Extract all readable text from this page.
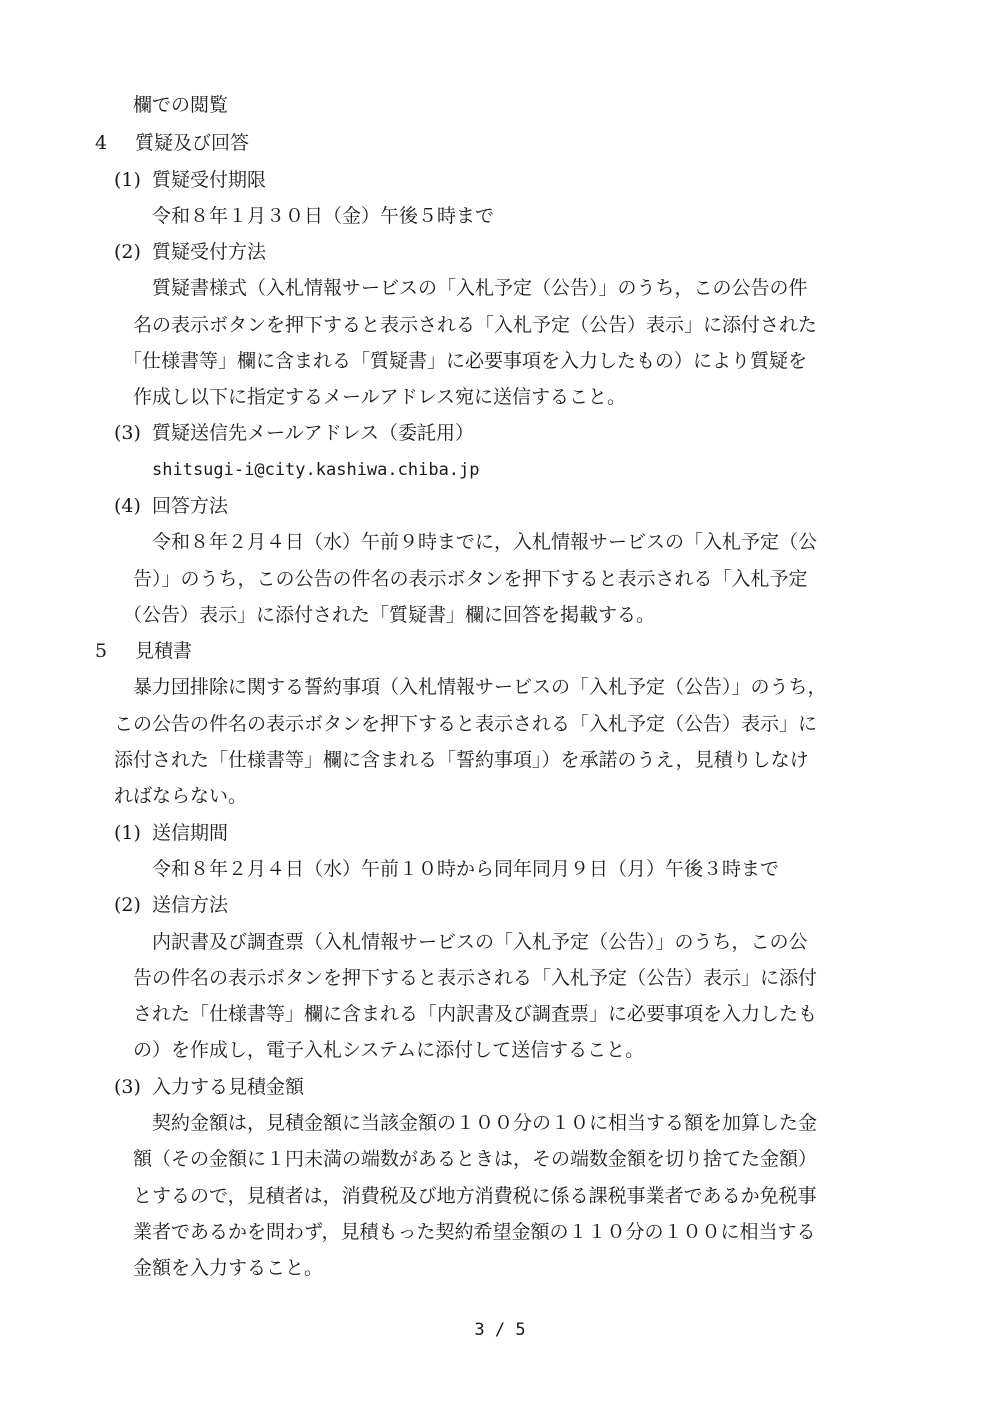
欄での閲覧
4 質疑及び回答
(1) 質疑受付期限
令和８年１月３０日（金）午後５時まで
(2) 質疑受付方法
質疑書様式（入札情報サービスの「入札予定（公告）」のうち，この公告の件
名の表示ボタンを押下すると表示される「入札予定（公告）表示」に添付された
「仕様書等」欄に含まれる「質疑書」に必要事項を入力したもの）により質疑を
作成し以下に指定するメールアドレス宛に送信すること。
(3) 質疑送信先メールアドレス（委託用）
shitsugi-i@city.kashiwa.chiba.jp
(4) 回答方法
令和８年２月４日（水）午前９時までに，入札情報サービスの「入札予定（公
告）」のうち，この公告の件名の表示ボタンを押下すると表示される「入札予定
（公告）表示」に添付された「質疑書」欄に回答を掲載する。
5 見積書
暴力団排除に関する誓約事項（入札情報サービスの「入札予定（公告）」のうち，
この公告の件名の表示ボタンを押下すると表示される「入札予定（公告）表示」に
添付された「仕様書等」欄に含まれる「誓約事項」）を承諾のうえ，見積りしなけ
ればならない。
(1) 送信期間
令和８年２月４日（水）午前１０時から同年同月９日（月）午後３時まで
(2) 送信方法
内訳書及び調査票（入札情報サービスの「入札予定（公告）」のうち，この公
告の件名の表示ボタンを押下すると表示される「入札予定（公告）表示」に添付
された「仕様書等」欄に含まれる「内訳書及び調査票」に必要事項を入力したも
の）を作成し，電子入札システムに添付して送信すること。
(3) 入力する見積金額
契約金額は，見積金額に当該金額の１００分の１０に相当する額を加算した金
額（その金額に１円未満の端数があるときは，その端数金額を切り捨てた金額）
とするので，見積者は，消費税及び地方消費税に係る課税事業者であるか免税事
業者であるかを問わず，見積もった契約希望金額の１１０分の１００に相当する
金額を入力すること。
3 / 5
